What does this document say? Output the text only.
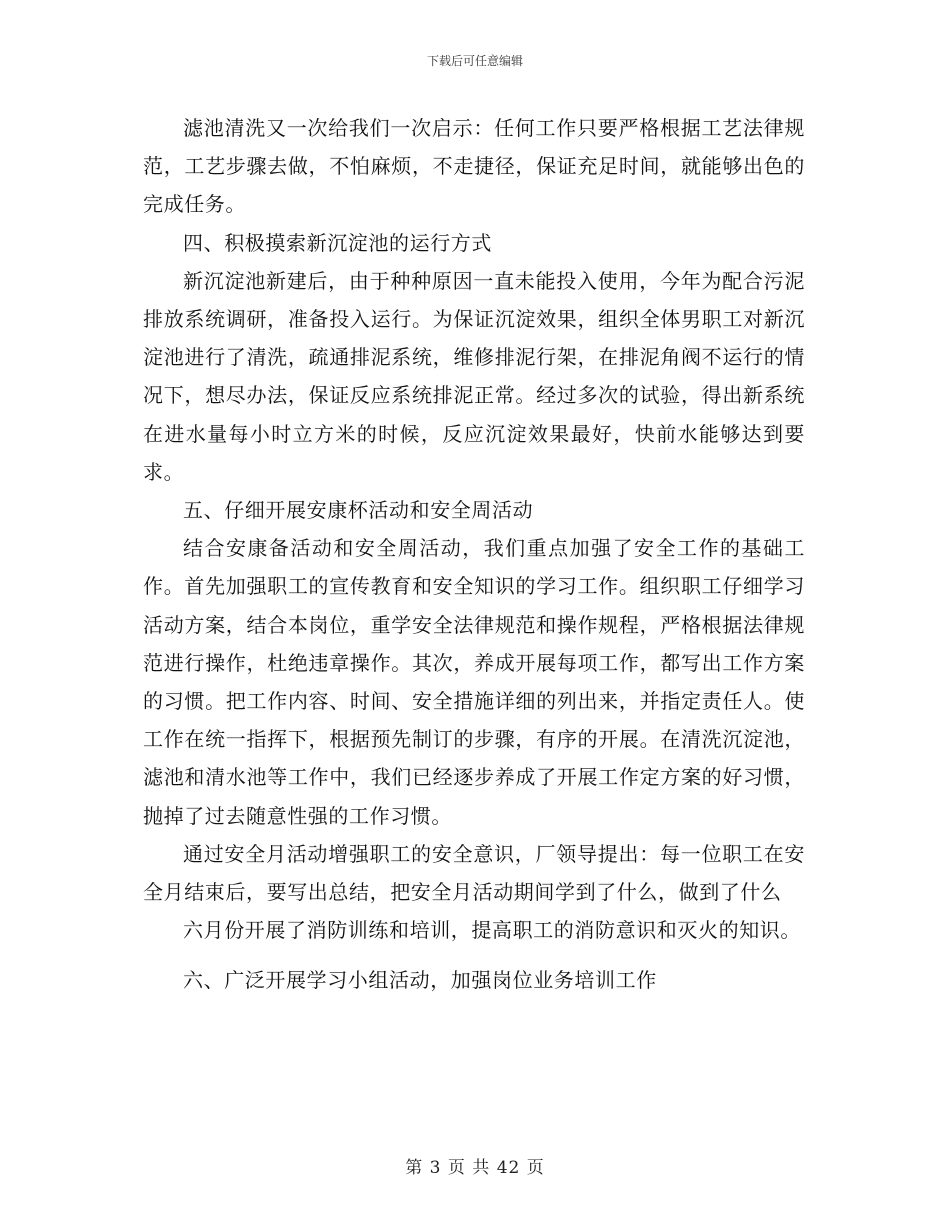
下载后可任意编辑

滤池清洗又一次给我们一次启示：任何工作只要严格根据工艺法律规范，工艺步骤去做，不怕麻烦，不走捷径，保证充足时间，就能够出色的完成任务。

四、积极摸索新沉淀池的运行方式

新沉淀池新建后，由于种种原因一直未能投入使用，今年为配合污泥排放系统调研，准备投入运行。为保证沉淀效果，组织全体男职工对新沉淀池进行了清洗，疏通排泥系统，维修排泥行架，在排泥角阀不运行的情况下，想尽办法，保证反应系统排泥正常。经过多次的试验，得出新系统在进水量每小时立方米的时候，反应沉淀效果最好，快前水能够达到要求。

五、仔细开展安康杯活动和安全周活动

结合安康备活动和安全周活动，我们重点加强了安全工作的基础工作。首先加强职工的宣传教育和安全知识的学习工作。组织职工仔细学习活动方案，结合本岗位，重学安全法律规范和操作规程，严格根据法律规范进行操作，杜绝违章操作。其次，养成开展每项工作，都写出工作方案的习惯。把工作内容、时间、安全措施详细的列出来，并指定责任人。使工作在统一指挥下，根据预先制订的步骤，有序的开展。在清洗沉淀池，滤池和清水池等工作中，我们已经逐步养成了开展工作定方案的好习惯，抛掉了过去随意性强的工作习惯。

通过安全月活动增强职工的安全意识，厂领导提出：每一位职工在安全月结束后，要写出总结，把安全月活动期间学到了什么，做到了什么

六月份开展了消防训练和培训，提高职工的消防意识和灭火的知识。

六、广泛开展学习小组活动，加强岗位业务培训工作

第 3 页 共 42 页
